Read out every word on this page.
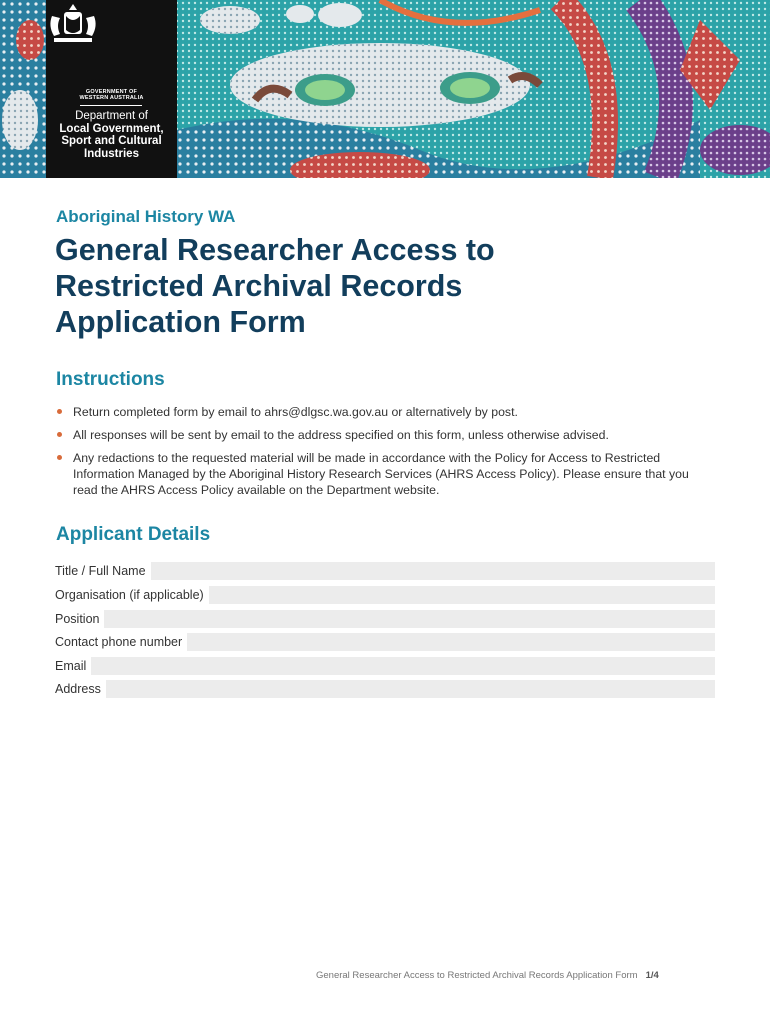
GOVERNMENT OF
WESTERN AUSTRALIA
Department of
Local Government,
Sport and Cultural
Industries
Aboriginal History WA
General Researcher Access to Restricted Archival Records Application Form
Instructions
Return completed form by email to ahrs@dlgsc.wa.gov.au or alternatively by post.
All responses will be sent by email to the address specified on this form, unless otherwise advised.
Any redactions to the requested material will be made in accordance with the Policy for Access to Restricted Information Managed by the Aboriginal History Research Services (AHRS Access Policy). Please ensure that you read the AHRS Access Policy available on the Department website.
Applicant Details
Title / Full Name
Organisation (if applicable)
Position
Contact phone number
Email
Address
General Researcher Access to Restricted Archival Records Application Form 1/4
